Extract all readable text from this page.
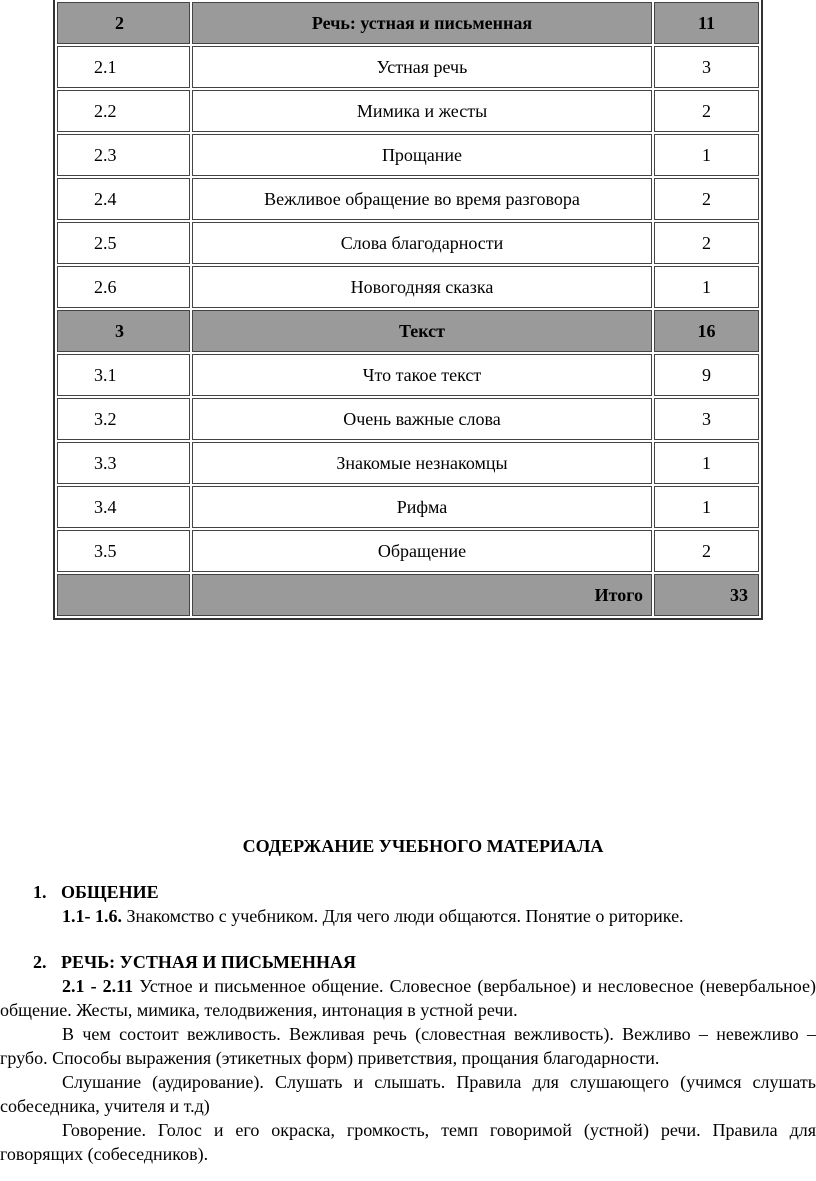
2	Речь: устная и письменная	11
2.1	Устная речь	3
2.2	Мимика и жесты	2
2.3	Прощание	1
2.4	Вежливое обращение во время разговора	2
2.5	Слова благодарности	2
2.6	Новогодняя сказка	1
3	Текст	16
3.1	Что такое текст	9
3.2	Очень важные слова	3
3.3	Знакомые незнакомцы	1
3.4	Рифма	1
3.5	Обращение	2
	Итого	33
СОДЕРЖАНИЕ УЧЕБНОГО МАТЕРИАЛА

1. ОБЩЕНИЕ

1.1- 1.6. Знакомство с учебником. Для чего люди общаются. Понятие о риторике.

2. РЕЧЬ: УСТНАЯ И ПИСЬМЕННАЯ

2.1 - 2.11 Устное и письменное общение. Словесное (вербальное) и несловесное (невербальное) общение. Жесты, мимика, телодвижения, интонация в устной речи.

В чем состоит вежливость. Вежливая речь (словестная вежливость). Вежливо – невежливо – грубо. Способы выражения (этикетных форм) приветствия, прощания благодарности.

Слушание (аудирование). Слушать и слышать. Правила для слушающего (учимся слушать собеседника, учителя и т.д)

Говорение. Голос и его окраска, громкость, темп говоримой (устной) речи. Правила для говорящих (собеседников).
